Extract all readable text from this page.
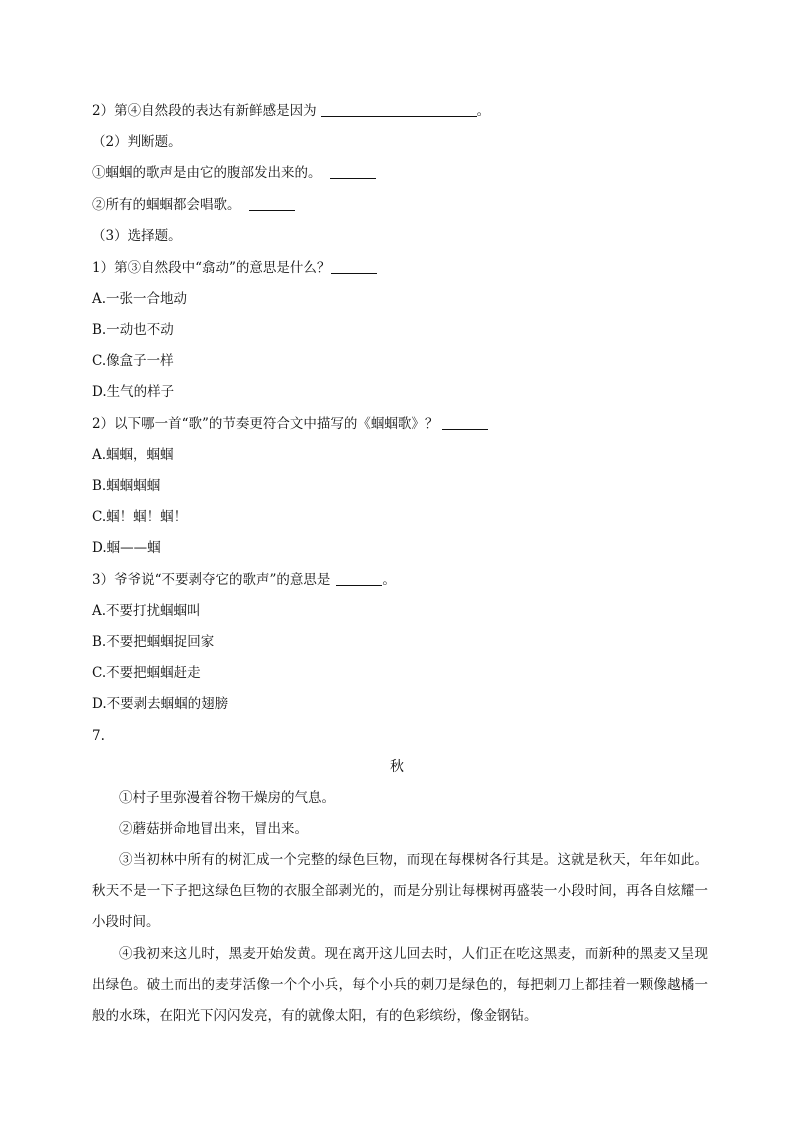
2）第④自然段的表达有新鲜感是因为	。
（2）判断题。
①蝈蝈的歌声是由它的腹部发出来的。
②所有的蝈蝈都会唱歌。
（3）选择题。
1）第③自然段中“翕动”的意思是什么？
A.一张一合地动
B.一动也不动
C.像盒子一样
D.生气的样子
2）以下哪一首“歌”的节奏更符合文中描写的《蝈蝈歌》？
A.蝈蝈，蝈蝈
B.蝈蝈蝈蝈
C.蝈！蝈！蝈！
D.蝈——蝈
3）爷爷说“不要剥夺它的歌声”的意思是	。
A.不要打扰蝈蝈叫
B.不要把蝈蝈捉回家
C.不要把蝈蝈赶走
D.不要剥去蝈蝈的翅膀
7.
秋
①村子里弥漫着谷物干燥房的气息。
②蘑菇拼命地冒出来，冒出来。
③当初林中所有的树汇成一个完整的绿色巨物，而现在每棵树各行其是。这就是秋天，年年如此。秋天不是一下子把这绿色巨物的衣服全部剥光的，而是分别让每棵树再盛装一小段时间，再各自炫耀一小段时间。
④我初来这儿时，黑麦开始发黄。现在离开这儿回去时，人们正在吃这黑麦，而新种的黑麦又呈现出绿色。破土而出的麦芽活像一个个小兵，每个小兵的刺刀是绿色的，每把刺刀上都挂着一颗像越橘一般的水珠，在阳光下闪闪发亮，有的就像太阳，有的色彩缤纷，像金钢钻。
